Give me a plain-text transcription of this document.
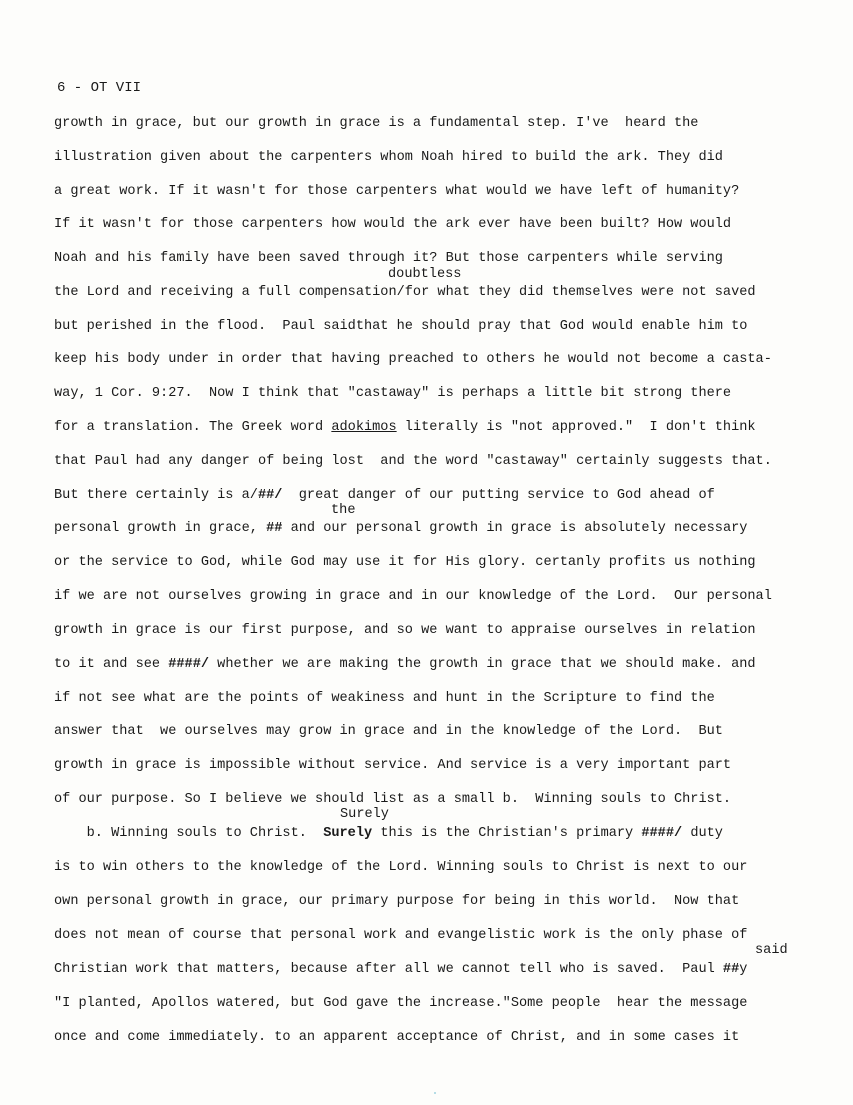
6 - OT VII
growth in grace, but our growth in grace is a fundamental step. I've  heard the
illustration given about the carpenters whom Noah hired to build the ark. They did
a great work. If it wasn't for those carpenters what would we have left of humanity?
If it wasn't for those carpenters how would the ark ever have been built? How would
Noah and his family have been saved through it? But those carpenters while serving
doubtless
the Lord and receiving a full compensation/for what they did themselves were not saved
but perished in the flood.  Paul saidthat he should pray that God would enable him to
keep his body under in order that having preached to others he would not become a casta-
way, 1 Cor. 9:27.  Now I think that "castaway" is perhaps a little bit strong there
for a translation. The Greek word adokimos literally is "not approved."  I don't think
that Paul had any danger of being lost  and the word "castaway" certainly suggests that.
But there certainly is a/##/  great danger of our putting service to God ahead of
the
personal growth in grace, ## and our personal growth in grace is absolutely necessary
or the service to God, while God may use it for His glory. certanly profits us nothing
if we are not ourselves growing in grace and in our knowledge of the Lord.  Our personal
growth in grace is our first purpose, and so we want to appraise ourselves in relation
to it and see ####/ whether we are making the growth in grace that we should make. and
if not see what are the points of weakiness and hunt in the Scripture to find the
answer that  we ourselves may grow in grace and in the knowledge of the Lord.  But
growth in grace is impossible without service. And service is a very important part
of our purpose. So I believe we should list as a small b.  Winning souls to Christ.
Surely
b. Winning souls to Christ.  Surely this is the Christian's primary ####/ duty
is to win others to the knowledge of the Lord. Winning souls to Christ is next to our
own personal growth in grace, our primary purpose for being in this world.  Now that
does not mean of course that personal work and evangelistic work is the only phase of
said
Christian work that matters, because after all we cannot tell who is saved.  Paul ##y
"I planted, Apollos watered, but God gave the increase."Some people  hear the message
once and come immediately. to an apparent acceptance of Christ, and in some cases it
